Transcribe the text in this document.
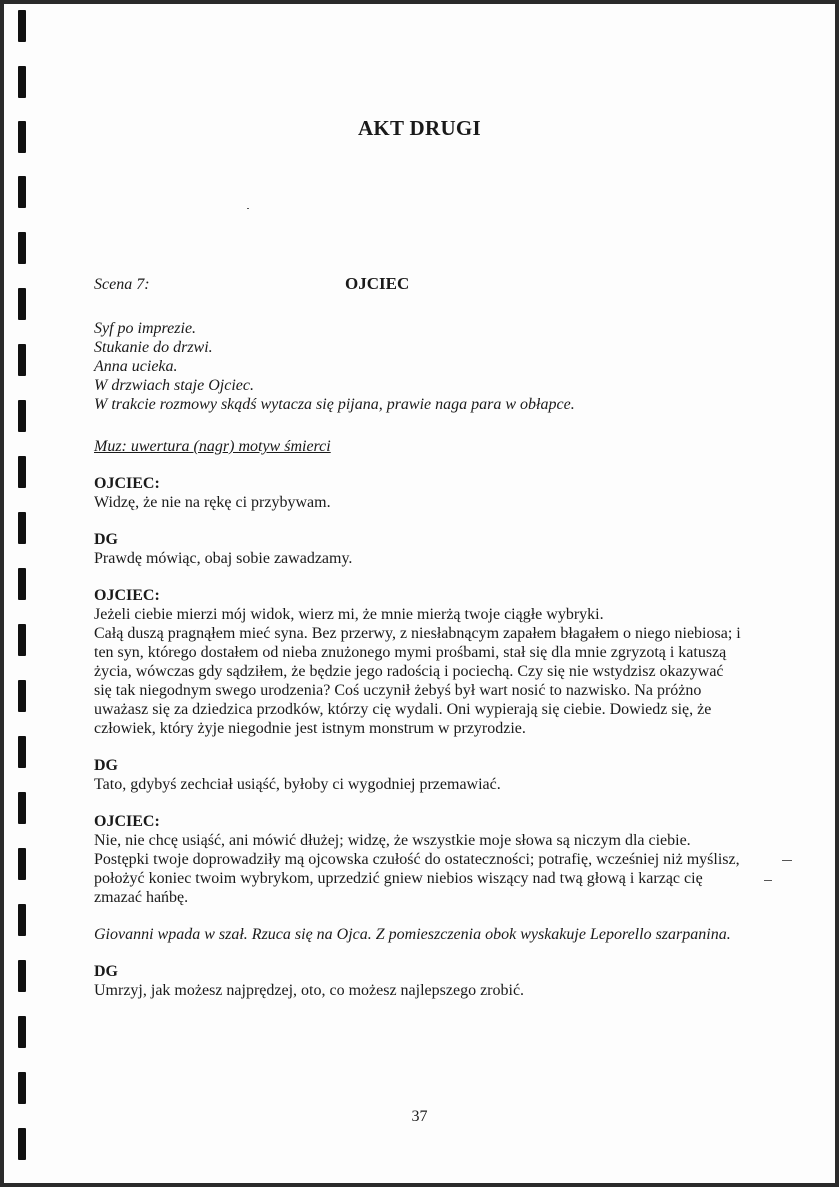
AKT DRUGI
Scena 7:	OJCIEC
Syf po imprezie.
Stukanie do drzwi.
Anna ucieka.
W drzwiach staje Ojciec.
W trakcie rozmowy skądś wytacza się pijana, prawie naga para w obłapce.
Muz: uwertura (nagr) motyw śmierci
OJCIEC:

Widzę, że nie na rękę ci przybywam.

DG

Prawdę mówiąc, obaj sobie zawadzamy.

OJCIEC:

Jeżeli ciebie mierzi mój widok, wierz mi, że mnie mierżą twoje ciągłe wybryki.

Całą duszą pragnąłem mieć syna. Bez przerwy, z niesłabnącym zapałem błagałem o niego niebiosa; i ten syn, którego dostałem od nieba znużonego mymi prośbami, stał się dla mnie zgryzotą i katuszą życia, wówczas gdy sądziłem, że będzie jego radością i pociechą. Czy się nie wstydzisz okazywać się tak niegodnym swego urodzenia? Coś uczynił żebyś był wart nosić to nazwisko. Na próżno uważasz się za dziedzica przodków, którzy cię wydali. Oni wypierają się ciebie. Dowiedz się, że człowiek, który żyje niegodnie jest istnym monstrum w przyrodzie.

DG

Tato, gdybyś zechciał usiąść, byłoby ci wygodniej przemawiać.

OJCIEC:

Nie, nie chcę usiąść, ani mówić dłużej; widzę, że wszystkie moje słowa są niczym dla ciebie. Postępki twoje doprowadziły mą ojcowska czułość do ostateczności; potrafię, wcześniej niż myślisz, położyć koniec twoim wybrykom, uprzedzić gniew niebios wiszący nad twą głową i karząc cię zmazać hańbę.

Giovanni wpada w szał. Rzuca się na Ojca. Z pomieszczenia obok wyskakuje Leporello szarpanina.
DG

Umrzyj, jak możesz najprędzej, oto, co możesz najlepszego zrobić.

37
